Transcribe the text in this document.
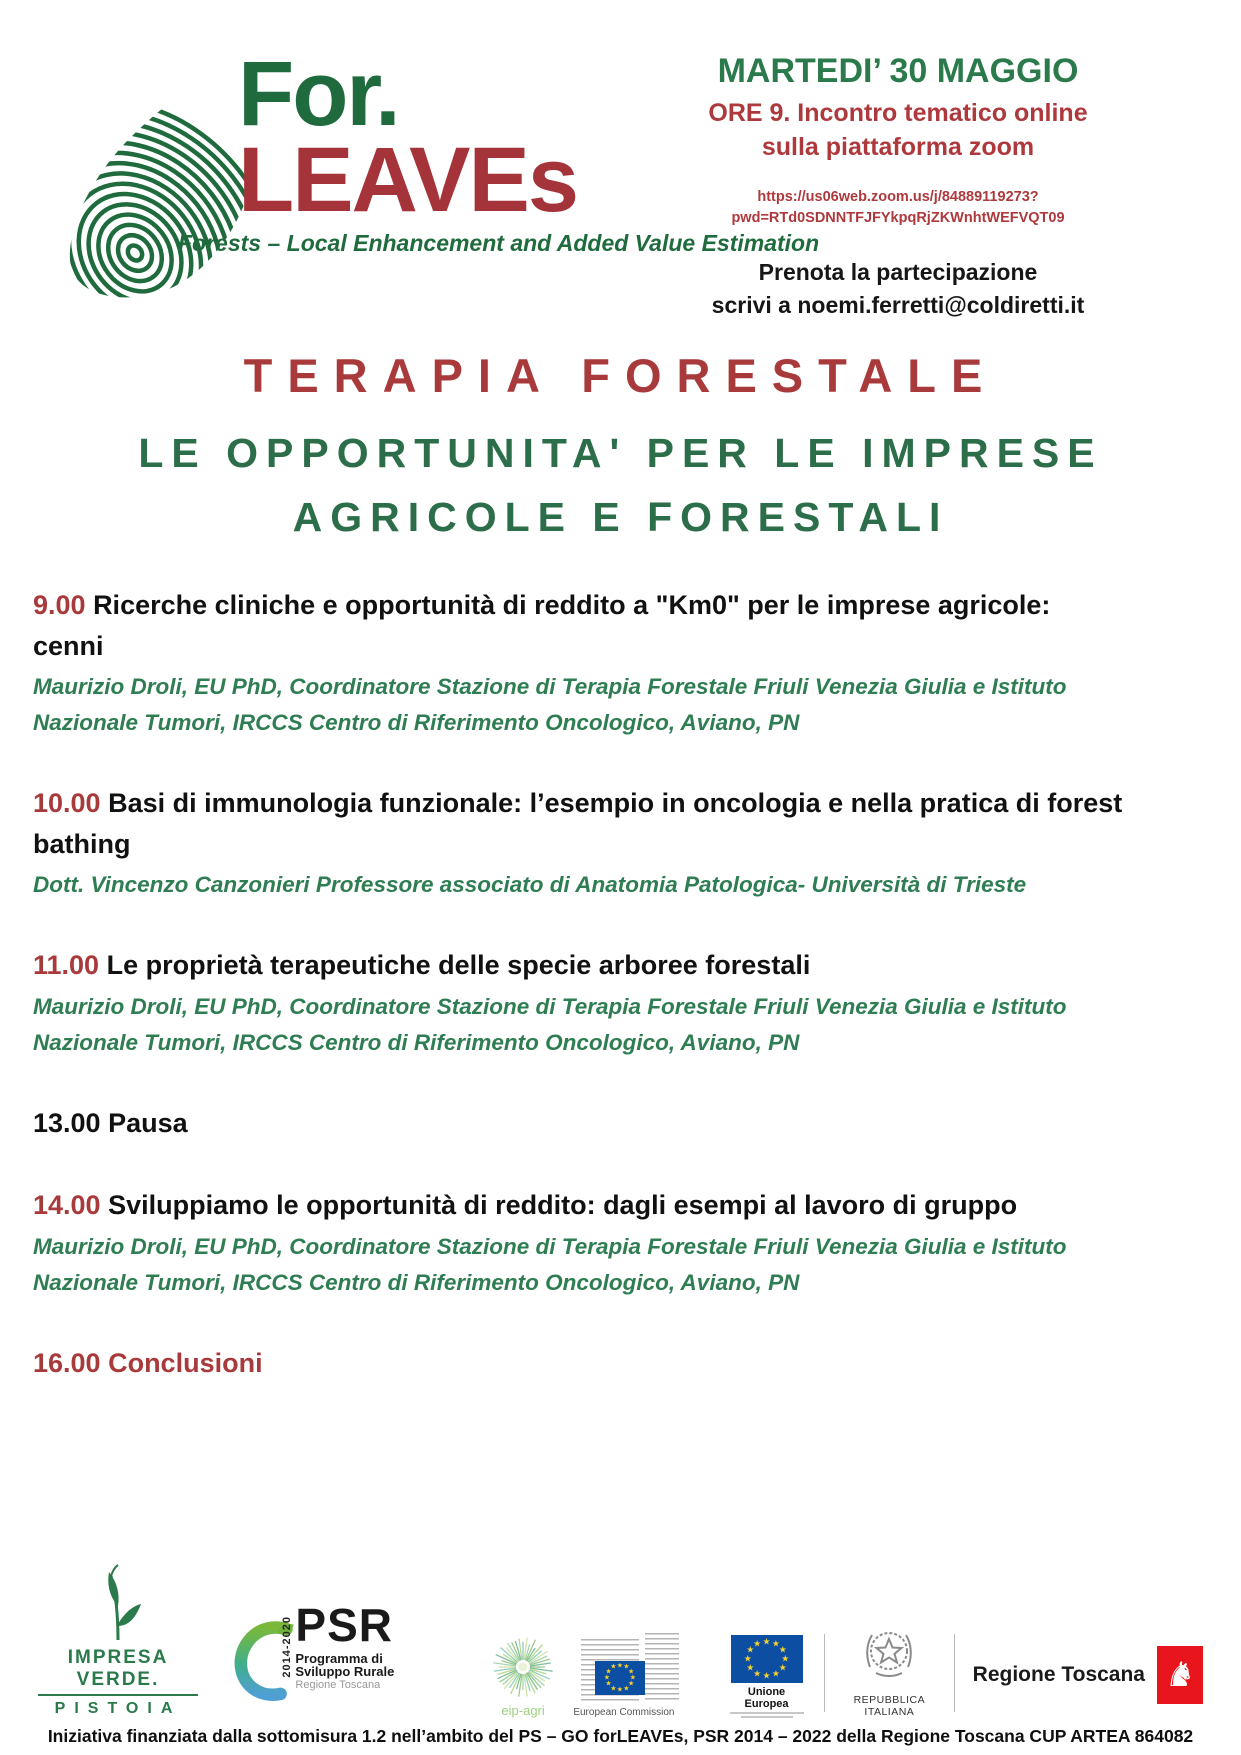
For.
LEAVEs
Forests – Local Enhancement and Added Value Estimation
MARTEDI’ 30 MAGGIO
ORE 9. Incontro tematico online
sulla piattaforma zoom
https://us06web.zoom.us/j/84889119273?
pwd=RTd0SDNNTFJFYkpqRjZKWnhtWEFVQT09
Prenota la partecipazione
scrivi a noemi.ferretti@coldiretti.it
TERAPIA FORESTALE
LE OPPORTUNITA' PER LE IMPRESE
AGRICOLE E FORESTALI
9.00 Ricerche cliniche e opportunità di reddito a "Km0" per le imprese agricole: cenni

Maurizio Droli, EU PhD, Coordinatore Stazione di Terapia Forestale Friuli Venezia Giulia e Istituto Nazionale Tumori, IRCCS Centro di Riferimento Oncologico, Aviano, PN

10.00 Basi di immunologia funzionale: l’esempio in oncologia e nella pratica di forest bathing

Dott. Vincenzo Canzonieri Professore associato di Anatomia Patologica- Università di Trieste

11.00 Le proprietà terapeutiche delle specie arboree forestali

Maurizio Droli, EU PhD, Coordinatore Stazione di Terapia Forestale Friuli Venezia Giulia e Istituto Nazionale Tumori, IRCCS Centro di Riferimento Oncologico, Aviano, PN

13.00 Pausa
14.00 Sviluppiamo le opportunità di reddito: dagli esempi al lavoro di gruppo

Maurizio Droli, EU PhD, Coordinatore Stazione di Terapia Forestale Friuli Venezia Giulia e Istituto Nazionale Tumori, IRCCS Centro di Riferimento Oncologico, Aviano, PN

16.00 Conclusioni
IMPRESA VERDE.
PISTOIA
2014-2020 PSR
Programma di Sviluppo Rurale
Regione Toscana
eip-agri
★ ★
★
★
★
★
★
★
★
★
★
★
European Commission
★ ★
★
★
★
★
★
★
★
★
★
★
Unione Europea	REPUBBLICA ITALIANA
Regione Toscana ♞
Iniziativa finanziata dalla sottomisura 1.2 nell’ambito del PS – GO forLEAVEs, PSR 2014 – 2022 della Regione Toscana CUP ARTEA 864082
